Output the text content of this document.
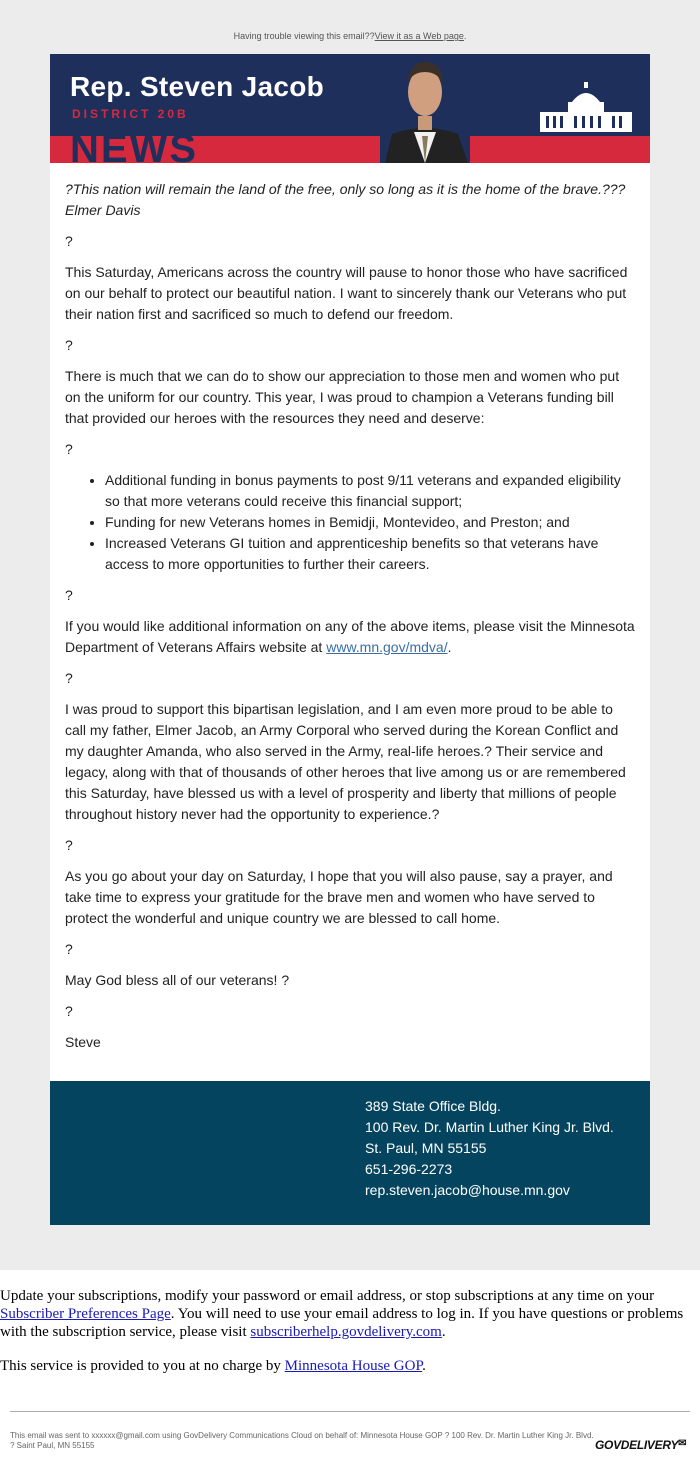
Having trouble viewing this email??View it as a Web page.
NEWS
Rep. Steven Jacob
DISTRICT 20B

?This nation will remain the land of the free, only so long as it is the home of the brave.??? Elmer Davis

?

This Saturday, Americans across the country will pause to honor those who have sacrificed on our behalf to protect our beautiful nation. I want to sincerely thank our Veterans who put their nation first and sacrificed so much to defend our freedom.

?

There is much that we can do to show our appreciation to those men and women who put on the uniform for our country. This year, I was proud to champion a Veterans funding bill that provided our heroes with the resources they need and deserve:

?

• Additional funding in bonus payments to post 9/11 veterans and expanded eligibility so that more veterans could receive this financial support;
• Funding for new Veterans homes in Bemidji, Montevideo, and Preston; and
• Increased Veterans GI tuition and apprenticeship benefits so that veterans have access to more opportunities to further their careers.

?

If you would like additional information on any of the above items, please visit the Minnesota Department of Veterans Affairs website at www.mn.gov/mdva/.

?

I was proud to support this bipartisan legislation, and I am even more proud to be able to call my father, Elmer Jacob, an Army Corporal who served during the Korean Conflict and my daughter Amanda, who also served in the Army, real-life heroes.? Their service and legacy, along with that of thousands of other heroes that live among us or are remembered this Saturday, have blessed us with a level of prosperity and liberty that millions of people throughout history never had the opportunity to experience.?

?

As you go about your day on Saturday, I hope that you will also pause, say a prayer, and take time to express your gratitude for the brave men and women who have served to protect the wonderful and unique country we are blessed to call home.

?

May God bless all of our veterans! ?

?

Steve

389 State Office Bldg.
100 Rev. Dr. Martin Luther King Jr. Blvd.
St. Paul, MN 55155
651-296-2273
rep.steven.jacob@house.mn.gov

Update your subscriptions, modify your password or email address, or stop subscriptions at any time on your Subscriber Preferences Page. You will need to use your email address to log in. If you have questions or problems with the subscription service, please visit subscriberhelp.govdelivery.com.

This service is provided to you at no charge by Minnesota House GOP.

This email was sent to xxxxxx@gmail.com using GovDelivery Communications Cloud on behalf of: Minnesota House GOP ? 100 Rev. Dr. Martin Luther King Jr. Blvd. ? Saint Paul, MN 55155	GOVDELIVERY✉
